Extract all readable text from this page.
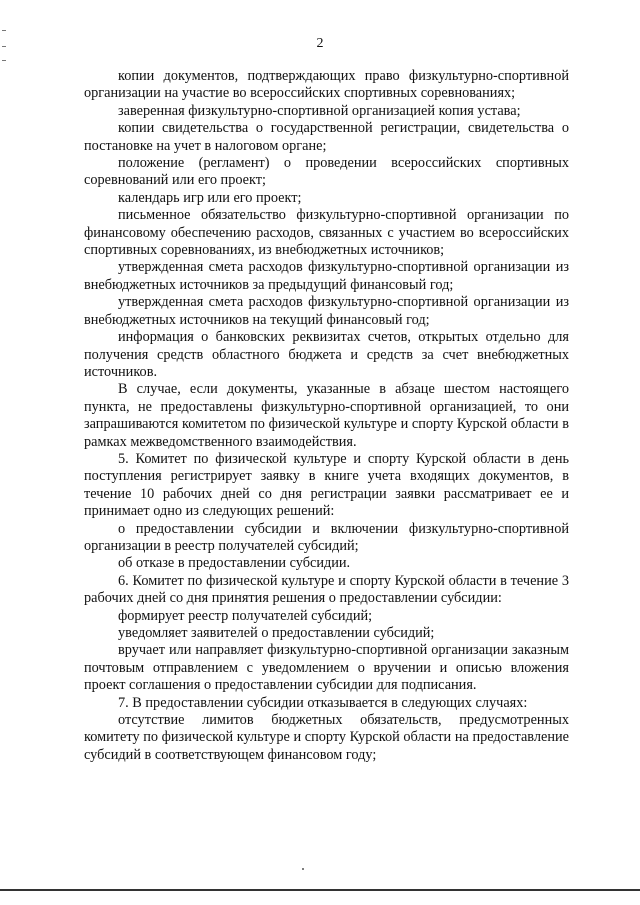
2

копии документов, подтверждающих право физкультурно-спортивной организации на участие во всероссийских спортивных соревнованиях;

заверенная физкультурно-спортивной организацией копия устава;

копии свидетельства о государственной регистрации, свидетельства о постановке на учет в налоговом органе;

положение (регламент) о проведении всероссийских спортивных соревнований или его проект;

календарь игр или его проект;

письменное обязательство физкультурно-спортивной организации по финансовому обеспечению расходов, связанных с участием во всероссийских спортивных соревнованиях, из внебюджетных источников;

утвержденная смета расходов физкультурно-спортивной организации из внебюджетных источников за предыдущий финансовый год;

утвержденная смета расходов физкультурно-спортивной организации из внебюджетных источников на текущий финансовый год;

информация о банковских реквизитах счетов, открытых отдельно для получения средств областного бюджета и средств за счет внебюджетных источников.

В случае, если документы, указанные в абзаце шестом настоящего пункта, не предоставлены физкультурно-спортивной организацией, то они запрашиваются комитетом по физической культуре и спорту Курской области в рамках межведомственного взаимодействия.

5. Комитет по физической культуре и спорту Курской области в день поступления регистрирует заявку в книге учета входящих документов, в течение 10 рабочих дней со дня регистрации заявки рассматривает ее и принимает одно из следующих решений:

о предоставлении субсидии и включении физкультурно-спортивной организации в реестр получателей субсидий;

об отказе в предоставлении субсидии.

6. Комитет по физической культуре и спорту Курской области в течение 3 рабочих дней со дня принятия решения о предоставлении субсидии:

формирует реестр получателей субсидий;

уведомляет заявителей о предоставлении субсидий;

вручает или направляет физкультурно-спортивной организации заказным почтовым отправлением с уведомлением о вручении и описью вложения проект соглашения о предоставлении субсидии для подписания.

7. В предоставлении субсидии отказывается в следующих случаях:

отсутствие лимитов бюджетных обязательств, предусмотренных комитету по физической культуре и спорту Курской области на предоставление субсидий в соответствующем финансовом году;
